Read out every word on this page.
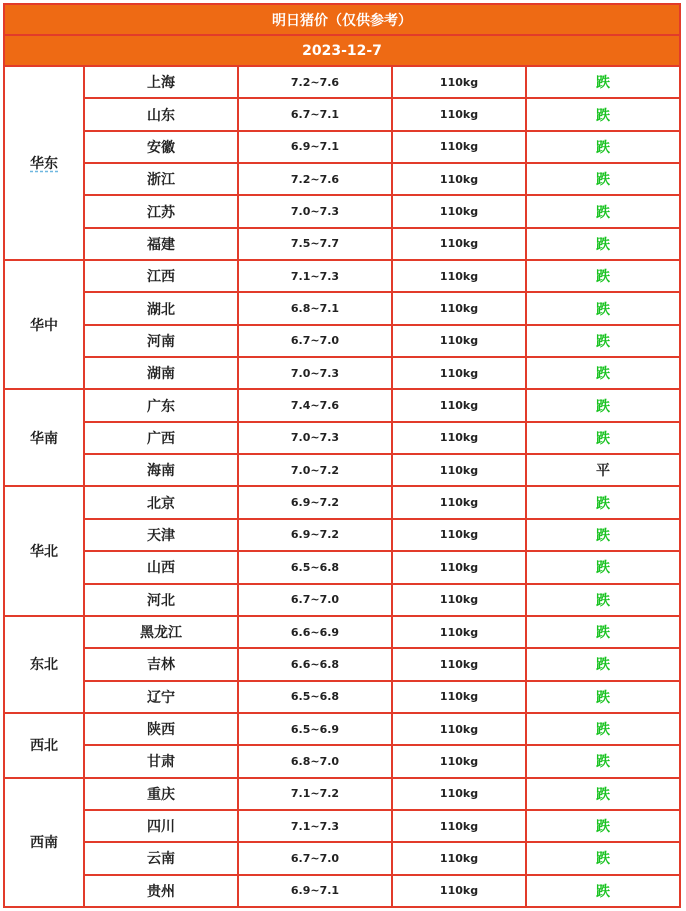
明日猪价（仅供参考）				
2023-12-7				
华东	上海	7.2~7.6	110kg	跌
	山东	6.7~7.1	110kg	跌
	安徽	6.9~7.1	110kg	跌
	浙江	7.2~7.6	110kg	跌
	江苏	7.0~7.3	110kg	跌
	福建	7.5~7.7	110kg	跌
华中	江西	7.1~7.3	110kg	跌
	湖北	6.8~7.1	110kg	跌
	河南	6.7~7.0	110kg	跌
	湖南	7.0~7.3	110kg	跌
华南	广东	7.4~7.6	110kg	跌
	广西	7.0~7.3	110kg	跌
	海南	7.0~7.2	110kg	平
华北	北京	6.9~7.2	110kg	跌
	天津	6.9~7.2	110kg	跌
	山西	6.5~6.8	110kg	跌
	河北	6.7~7.0	110kg	跌
东北	黑龙江	6.6~6.9	110kg	跌
	吉林	6.6~6.8	110kg	跌
	辽宁	6.5~6.8	110kg	跌
西北	陕西	6.5~6.9	110kg	跌
	甘肃	6.8~7.0	110kg	跌
西南	重庆	7.1~7.2	110kg	跌
	四川	7.1~7.3	110kg	跌
	云南	6.7~7.0	110kg	跌
	贵州	6.9~7.1	110kg	跌
